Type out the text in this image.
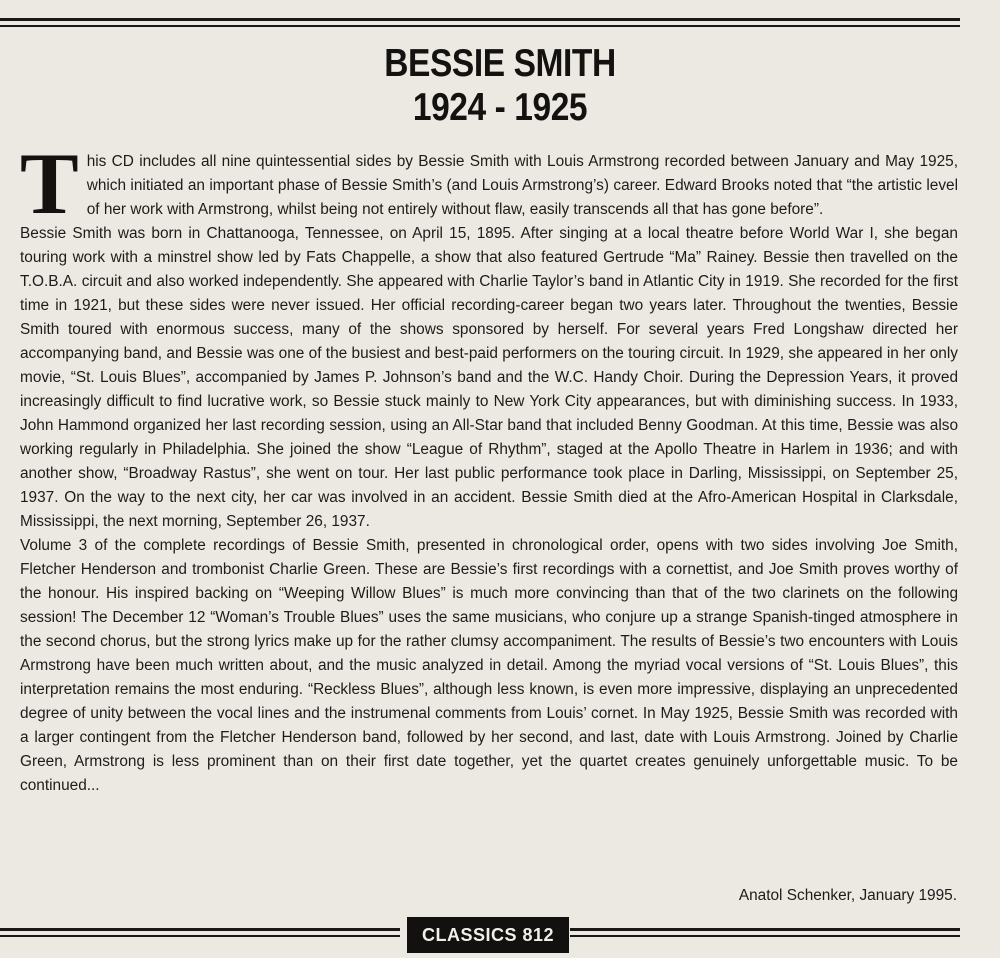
BESSIE SMITH
1924 - 1925

This CD includes all nine quintessential sides by Bessie Smith with Louis Armstrong recorded between January and May 1925, which initiated an important phase of Bessie Smith’s (and Louis Armstrong’s) career. Edward Brooks noted that “the artistic level of her work with Armstrong, whilst being not entirely without flaw, easily transcends all that has gone before”.

Bessie Smith was born in Chattanooga, Tennessee, on April 15, 1895. After singing at a local theatre before World War I, she began touring work with a minstrel show led by Fats Chappelle, a show that also featured Gertrude “Ma” Rainey. Bessie then travelled on the T.O.B.A. circuit and also worked independently. She appeared with Charlie Taylor’s band in Atlantic City in 1919. She recorded for the first time in 1921, but these sides were never issued. Her official recording-career began two years later. Throughout the twenties, Bessie Smith toured with enormous success, many of the shows sponsored by herself. For several years Fred Longshaw directed her accompanying band, and Bessie was one of the busiest and best-paid performers on the touring circuit. In 1929, she appeared in her only movie, “St. Louis Blues”, accompanied by James P. Johnson’s band and the W.C. Handy Choir. During the Depression Years, it proved increasingly difficult to find lucrative work, so Bessie stuck mainly to New York City appearances, but with diminishing success. In 1933, John Hammond organized her last recording session, using an All-Star band that included Benny Goodman. At this time, Bessie was also working regularly in Philadelphia. She joined the show “League of Rhythm”, staged at the Apollo Theatre in Harlem in 1936; and with another show, “Broadway Rastus”, she went on tour. Her last public performance took place in Darling, Mississippi, on September 25, 1937. On the way to the next city, her car was involved in an accident. Bessie Smith died at the Afro-American Hospital in Clarksdale, Mississippi, the next morning, September 26, 1937.

Volume 3 of the complete recordings of Bessie Smith, presented in chronological order, opens with two sides involving Joe Smith, Fletcher Henderson and trombonist Charlie Green. These are Bessie’s first recordings with a cornettist, and Joe Smith proves worthy of the honour. His inspired backing on “Weeping Willow Blues” is much more convincing than that of the two clarinets on the following session! The December 12 “Woman’s Trouble Blues” uses the same musicians, who conjure up a strange Spanish-tinged atmosphere in the second chorus, but the strong lyrics make up for the rather clumsy accompaniment. The results of Bessie’s two encounters with Louis Armstrong have been much written about, and the music analyzed in detail. Among the myriad vocal versions of “St. Louis Blues”, this interpretation remains the most enduring. “Reckless Blues”, although less known, is even more impressive, displaying an unprecedented degree of unity between the vocal lines and the instrumenal comments from Louis’ cornet. In May 1925, Bessie Smith was recorded with a larger contingent from the Fletcher Henderson band, followed by her second, and last, date with Louis Armstrong. Joined by Charlie Green, Armstrong is less prominent than on their first date together, yet the quartet creates genuinely unforgettable music. To be continued...

Anatol Schenker, January 1995.
CLASSICS 812
